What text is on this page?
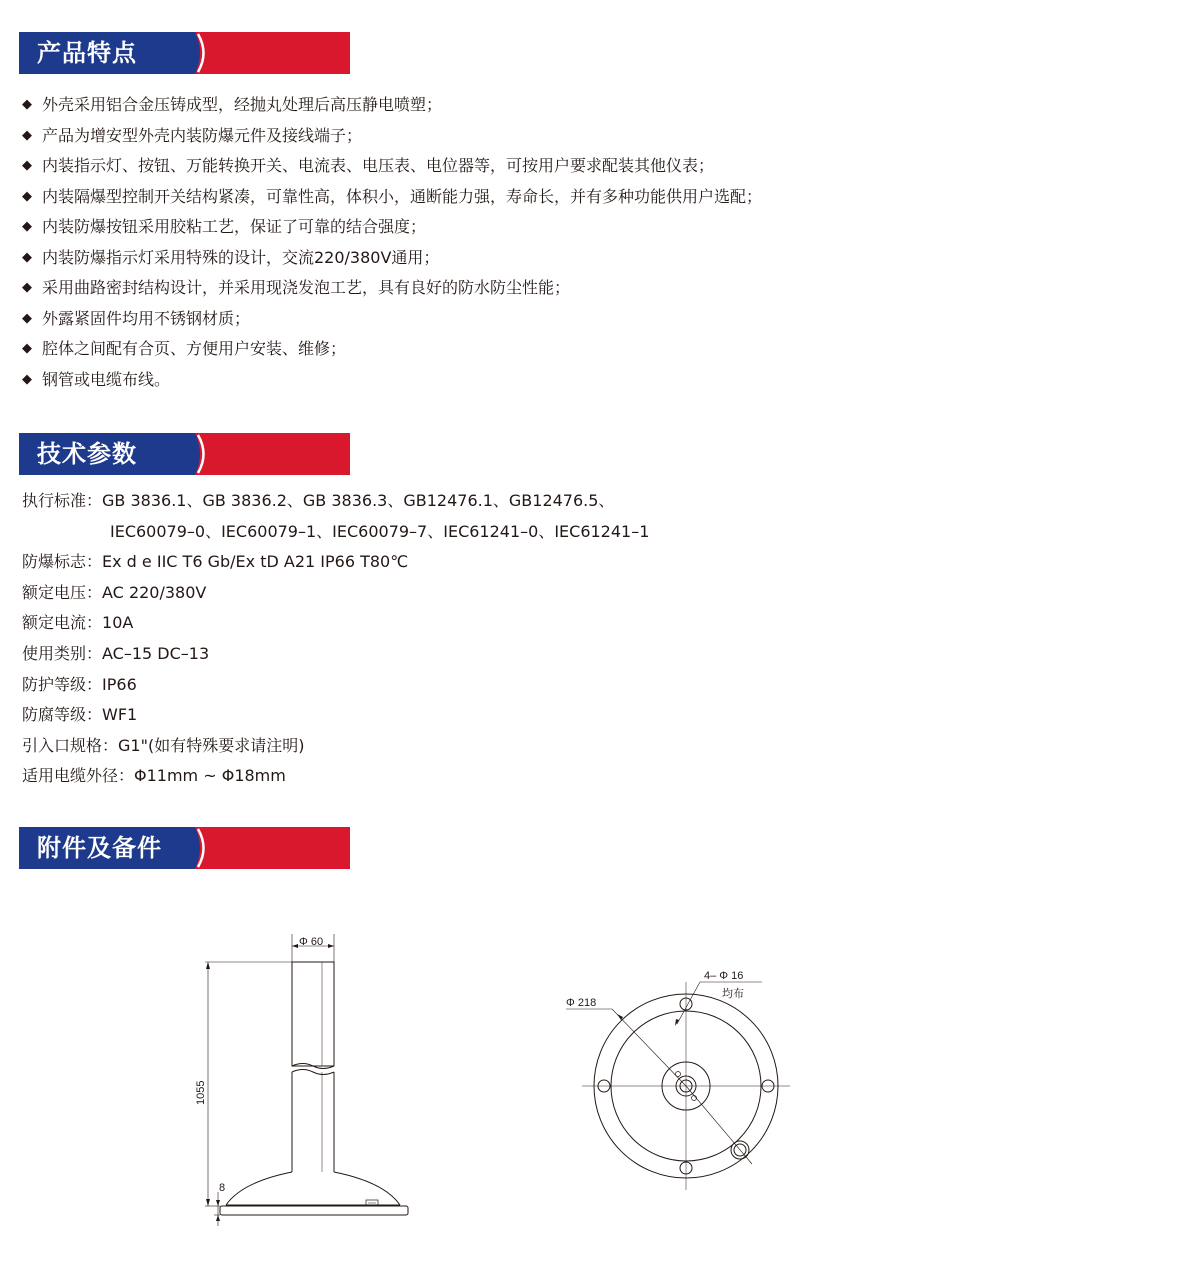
产品特点
◆ 外壳采用铝合金压铸成型，经抛丸处理后高压静电喷塑；
◆ 产品为增安型外壳内装防爆元件及接线端子；
◆ 内装指示灯、按钮、万能转换开关、电流表、电压表、电位器等，可按用户要求配装其他仪表；
◆ 内装隔爆型控制开关结构紧凑，可靠性高，体积小，通断能力强，寿命长，并有多种功能供用户选配；
◆ 内装防爆按钮采用胶粘工艺，保证了可靠的结合强度；
◆ 内装防爆指示灯采用特殊的设计，交流220/380V通用；
◆ 采用曲路密封结构设计，并采用现浇发泡工艺，具有良好的防水防尘性能；
◆ 外露紧固件均用不锈钢材质；
◆ 腔体之间配有合页、方便用户安装、维修；
◆ 钢管或电缆布线。
技术参数
执行标准：GB 3836.1、GB 3836.2、GB 3836.3、GB12476.1、GB12476.5、
IEC60079–0、IEC60079–1、IEC60079–7、IEC61241–0、IEC61241–1
防爆标志：Ex d e IIC T6 Gb/Ex tD A21 IP66 T80℃
额定电压：AC 220/380V
额定电流：10A
使用类别：AC–15 DC–13
防护等级：IP66
防腐等级：WF1
引入口规格：G1"(如有特殊要求请注明)
适用电缆外径：Φ11mm ~ Φ18mm
附件及备件
Φ 60
1055
8
Φ 218
4– Φ 16
均布
